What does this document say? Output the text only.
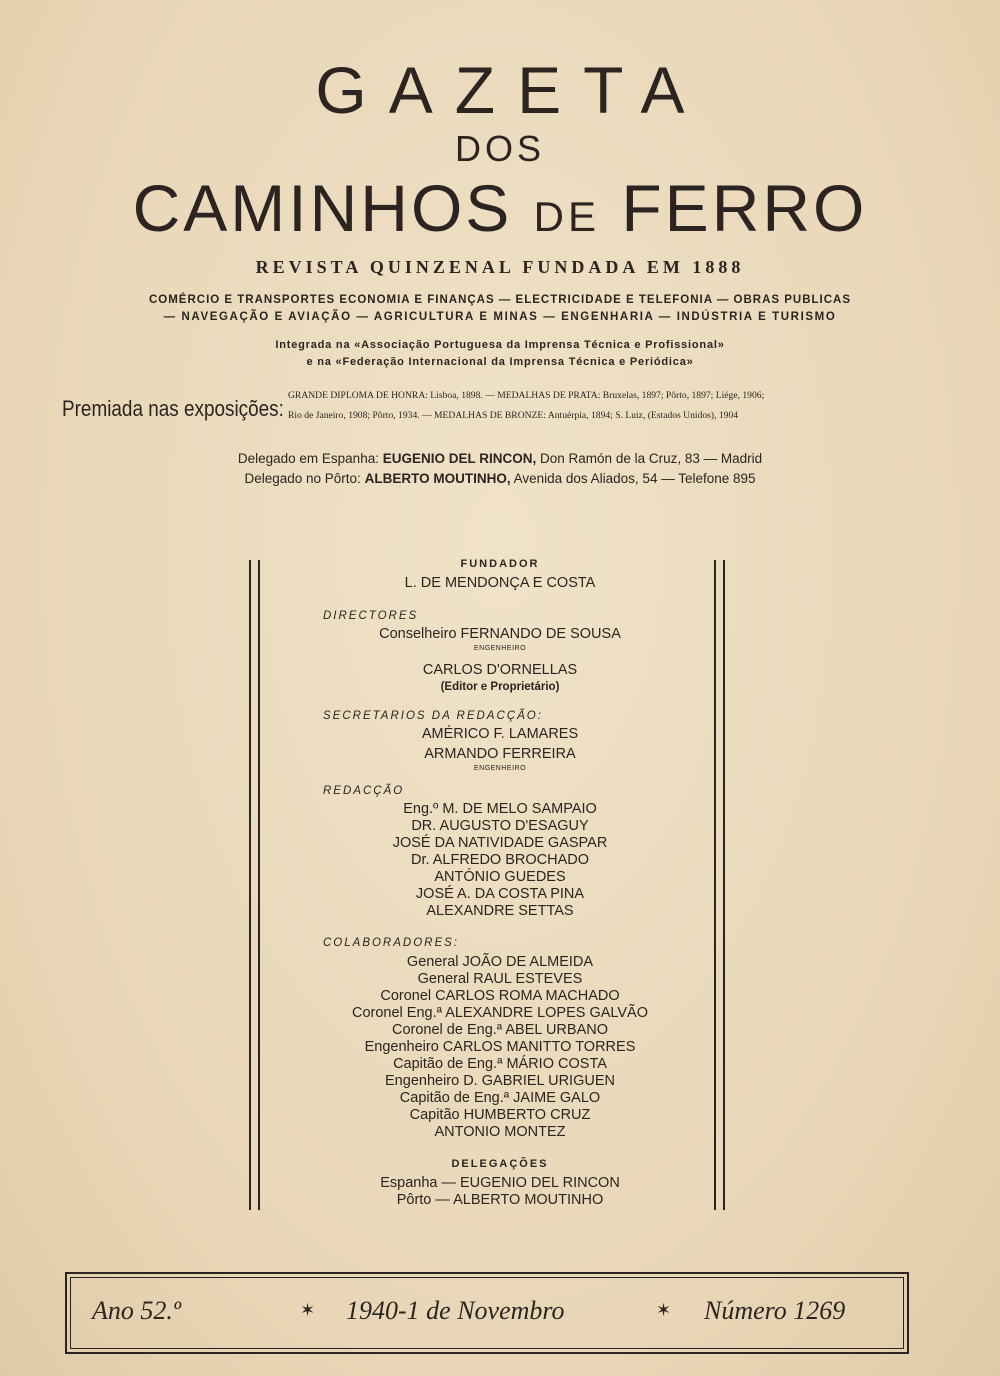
GAZETA
DOS
CAMINHOS DE FERRO
REVISTA QUINZENAL FUNDADA EM 1888
COMÉRCIO E TRANSPORTES ECONOMIA E FINANÇAS — ELECTRICIDADE E TELEFONIA — OBRAS PUBLICAS
— NAVEGAÇÃO E AVIAÇÃO — AGRICULTURA E MINAS — ENGENHARIA — INDÚSTRIA E TURISMO
Integrada na «Associação Portuguesa da Imprensa Técnica e Profissional»
e na «Federação Internacional da Imprensa Técnica e Periódica»
Premiada nas exposições:
GRANDE DIPLOMA DE HONRA: Lisboa, 1898. — MEDALHAS DE PRATA: Bruxelas, 1897; Pôrto, 1897; Liége, 1906;
Rio de Janeiro, 1908; Pôrto, 1934. — MEDALHAS DE BRONZE: Antuérpia, 1894; S. Luiz, (Estados Unidos), 1904
Delegado em Espanha: EUGENIO DEL RINCON, Don Ramón de la Cruz, 83 — Madrid
Delegado no Pôrto: ALBERTO MOUTINHO, Avenida dos Aliados, 54 — Telefone 895
FUNDADOR
L. DE MENDONÇA E COSTA
DIRECTORES
Conselheiro FERNANDO DE SOUSA
ENGENHEIRO
CARLOS D'ORNELLAS
(Editor e Proprietário)
SECRETARIOS DA REDACÇÃO:
AMÉRICO F. LAMARES
ARMANDO FERREIRA
ENGENHEIRO
REDACÇÃO
Eng.º M. DE MELO SAMPAIO
DR. AUGUSTO D'ESAGUY
JOSÉ DA NATIVIDADE GASPAR
Dr. ALFREDO BROCHADO
ANTÓNIO GUEDES
JOSÉ A. DA COSTA PINA
ALEXANDRE SETTAS
COLABORADORES:
General JOÃO DE ALMEIDA
General RAUL ESTEVES
Coronel CARLOS ROMA MACHADO
Coronel Eng.ª ALEXANDRE LOPES GALVÃO
Coronel de Eng.ª ABEL URBANO
Engenheiro CARLOS MANITTO TORRES
Capitão de Eng.ª MÁRIO COSTA
Engenheiro D. GABRIEL URIGUEN
Capitão de Eng.ª JAIME GALO
Capitão HUMBERTO CRUZ
ANTONIO MONTEZ
DELEGAÇÕES
Espanha — EUGENIO DEL RINCON
Pôrto — ALBERTO MOUTINHO
Ano 52.º	✶ 1940-1 de Novembro	✶ Número 1269
